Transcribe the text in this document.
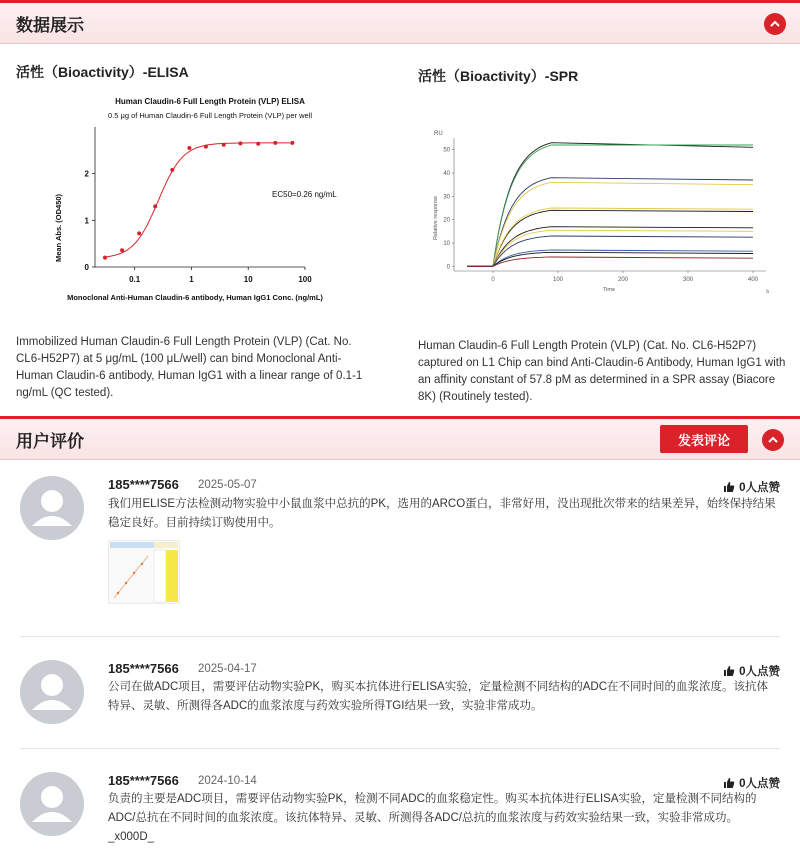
数据展示
活性（Bioactivity）-ELISA
Human Claudin-6 Full Length Protein (VLP) ELISA
0.5 μg of Human Claudin-6 Full Length Protein (VLP) per well
EC50=0.26 ng/mL
Mean Abs. (OD450)
Monoclonal Anti-Human Claudin-6 antibody, Human IgG1 Conc. (ng/mL)
0
1
2
0.1	1	10	100
Immobilized Human Claudin-6 Full Length Protein (VLP) (Cat. No. CL6-H52P7) at 5 μg/mL (100 μL/well) can bind Monoclonal Anti-Human Claudin-6 antibody, Human IgG1 with a linear range of 0.1-1 ng/mL (QC tested).
活性（Bioactivity）-SPR
RU
Relative response
Time	s
0
10
20
30
40
50
0	100	200	300	400
Human Claudin-6 Full Length Protein (VLP) (Cat. No. CL6-H52P7) captured on L1 Chip can bind Anti-Claudin-6 Antibody, Human IgG1 with an affinity constant of 57.8 pM as determined in a SPR assay (Biacore 8K) (Routinely tested).
用户评价	发表评论
185****7566 2025-05-07	0人点赞
我们用ELISE方法检测动物实验中小鼠血浆中总抗的PK，选用的ARCO蛋白，非常好用，没出现批次带来的结果差异，始终保持结果稳定良好。目前持续订购使用中。
185****7566 2025-04-17	0人点赞
公司在做ADC项目，需要评估动物实验PK，购买本抗体进行ELISA实验，定量检测不同结构的ADC在不同时间的血浆浓度。该抗体特异、灵敏、所测得各ADC的血浆浓度与药效实验所得TGI结果一致，实验非常成功。
185****7566 2024-10-14	0人点赞
负责的主要是ADC项目，需要评估动物实验PK，检测不同ADC的血浆稳定性。购买本抗体进行ELISA实验，定量检测不同结构的ADC/总抗在不同时间的血浆浓度。该抗体特异、灵敏、所测得各ADC/总抗的血浆浓度与药效实验结果一致，实验非常成功。_x000D_
